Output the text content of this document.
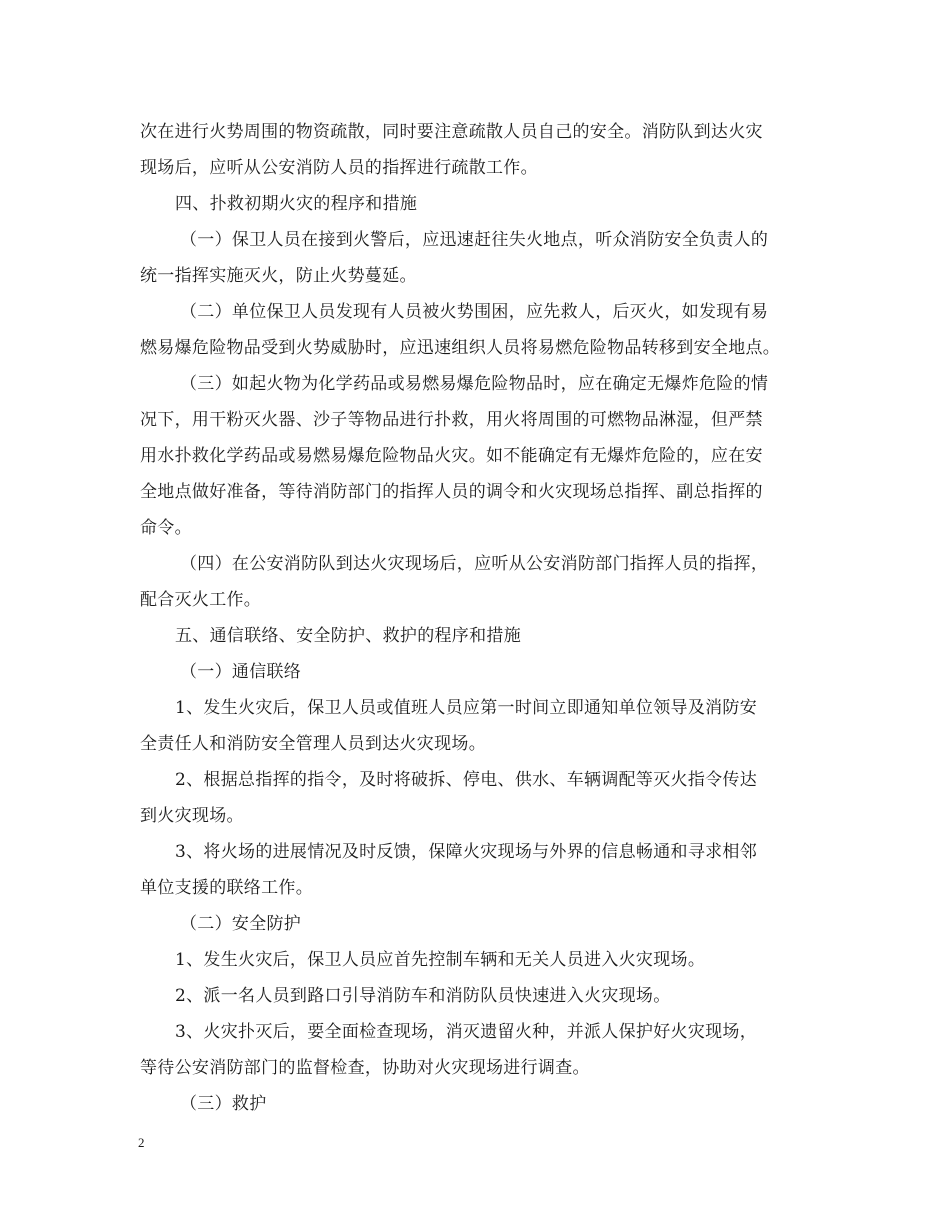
次在进行火势周围的物资疏散，同时要注意疏散人员自己的安全。消防队到达火灾
现场后，应听从公安消防人员的指挥进行疏散工作。
四、扑救初期火灾的程序和措施
（一）保卫人员在接到火警后，应迅速赶往失火地点，听众消防安全负责人的
统一指挥实施灭火，防止火势蔓延。
（二）单位保卫人员发现有人员被火势围困，应先救人，后灭火，如发现有易
燃易爆危险物品受到火势威胁时，应迅速组织人员将易燃危险物品转移到安全地点。
（三）如起火物为化学药品或易燃易爆危险物品时，应在确定无爆炸危险的情
况下，用干粉灭火器、沙子等物品进行扑救，用火将周围的可燃物品淋湿，但严禁
用水扑救化学药品或易燃易爆危险物品火灾。如不能确定有无爆炸危险的，应在安
全地点做好准备，等待消防部门的指挥人员的调令和火灾现场总指挥、副总指挥的
命令。
（四）在公安消防队到达火灾现场后，应听从公安消防部门指挥人员的指挥，
配合灭火工作。
五、通信联络、安全防护、救护的程序和措施
（一）通信联络
1、发生火灾后，保卫人员或值班人员应第一时间立即通知单位领导及消防安
全责任人和消防安全管理人员到达火灾现场。
2、根据总指挥的指令，及时将破拆、停电、供水、车辆调配等灭火指令传达
到火灾现场。
3、将火场的进展情况及时反馈，保障火灾现场与外界的信息畅通和寻求相邻
单位支援的联络工作。
（二）安全防护
1、发生火灾后，保卫人员应首先控制车辆和无关人员进入火灾现场。
2、派一名人员到路口引导消防车和消防队员快速进入火灾现场。
3、火灾扑灭后，要全面检查现场，消灭遗留火种，并派人保护好火灾现场，
等待公安消防部门的监督检查，协助对火灾现场进行调查。
（三）救护
2
